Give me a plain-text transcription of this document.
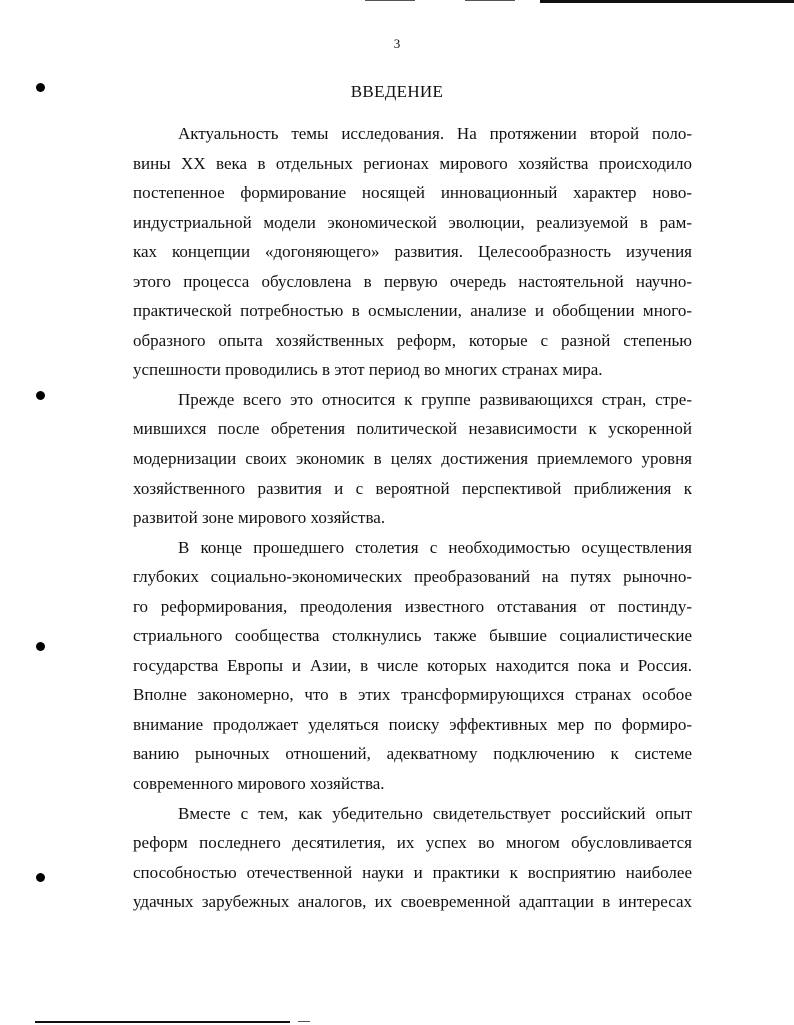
3
ВВЕДЕНИЕ

Актуальность темы исследования. На протяжении второй поло-
вины XX века в отдельных регионах мирового хозяйства происходило
постепенное формирование носящей инновационный характер ново-
индустриальной модели экономической эволюции, реализуемой в рам-
ках концепции «догоняющего» развития. Целесообразность изучения
этого процесса обусловлена в первую очередь настоятельной научно-
практической потребностью в осмыслении, анализе и обобщении много-
образного опыта хозяйственных реформ, которые с разной степенью
успешности проводились в этот период во многих странах мира.

Прежде всего это относится к группе развивающихся стран, стре-
мившихся после обретения политической независимости к ускоренной
модернизации своих экономик в целях достижения приемлемого уровня
хозяйственного развития и с вероятной перспективой приближения к
развитой зоне мирового хозяйства.

В конце прошедшего столетия с необходимостью осуществления
глубоких социально-экономических преобразований на путях рыночно-
го реформирования, преодоления известного отставания от постинду-
стриального сообщества столкнулись также бывшие социалистические
государства Европы и Азии, в числе которых находится пока и Россия.
Вполне закономерно, что в этих трансформирующихся странах особое
внимание продолжает уделяться поиску эффективных мер по формиро-
ванию рыночных отношений, адекватному подключению к системе
современного мирового хозяйства.

Вместе с тем, как убедительно свидетельствует российский опыт
реформ последнего десятилетия, их успех во многом обусловливается
способностью отечественной науки и практики к восприятию наиболее
удачных зарубежных аналогов, их своевременной адаптации в интересах
